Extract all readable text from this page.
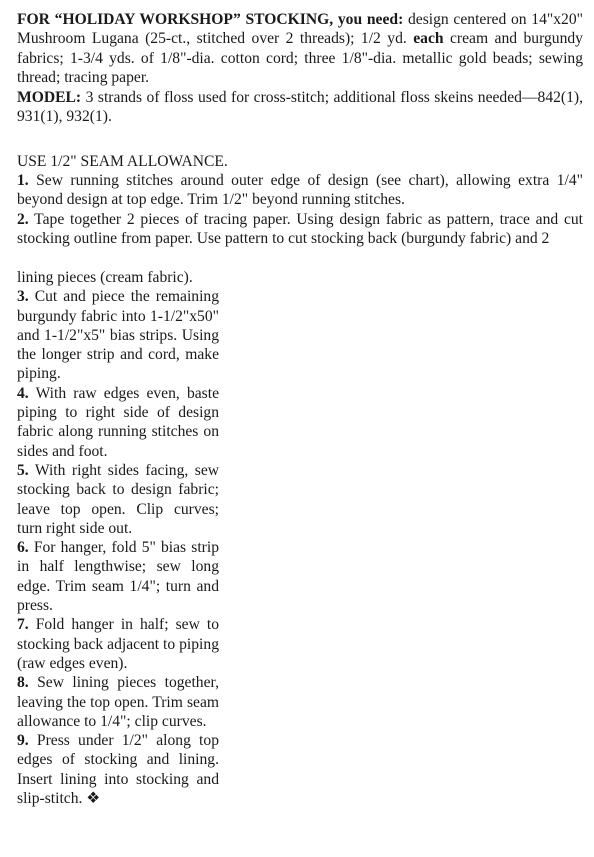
FOR “HOLIDAY WORKSHOP” STOCKING, you need: design centered on 14"x20" Mushroom Lugana (25-ct., stitched over 2 threads); 1/2 yd. each cream and burgundy fabrics; 1-3/4 yds. of 1/8"-dia. cotton cord; three 1/8"-dia. metallic gold beads; sewing thread; tracing paper.

MODEL: 3 strands of floss used for cross-stitch; additional floss skeins needed—842(1), 931(1), 932(1).

USE 1/2" SEAM ALLOWANCE.

1. Sew running stitches around outer edge of design (see chart), allowing extra 1/4" beyond design at top edge. Trim 1/2" beyond running stitches.
2. Tape together 2 pieces of tracing paper. Using design fabric as pattern, trace and cut stocking outline from paper. Use pattern to cut stocking back (burgundy fabric) and 2
lining pieces (cream fabric).
3. Cut and piece the remaining burgundy fabric into 1-1/2"x50" and 1-1/2"x5" bias strips. Using the longer strip and cord, make piping.
4. With raw edges even, baste piping to right side of design fabric along running stitches on sides and foot.
5. With right sides facing, sew stocking back to design fabric; leave top open. Clip curves; turn right side out.
6. For hanger, fold 5" bias strip in half lengthwise; sew long edge. Trim seam 1/4"; turn and press.
7. Fold hanger in half; sew to stocking back adjacent to piping (raw edges even).
8. Sew lining pieces together, leaving the top open. Trim seam allowance to 1/4"; clip curves.
9. Press under 1/2" along top edges of stocking and lining. Insert lining into stocking and slip-stitch. ❖
